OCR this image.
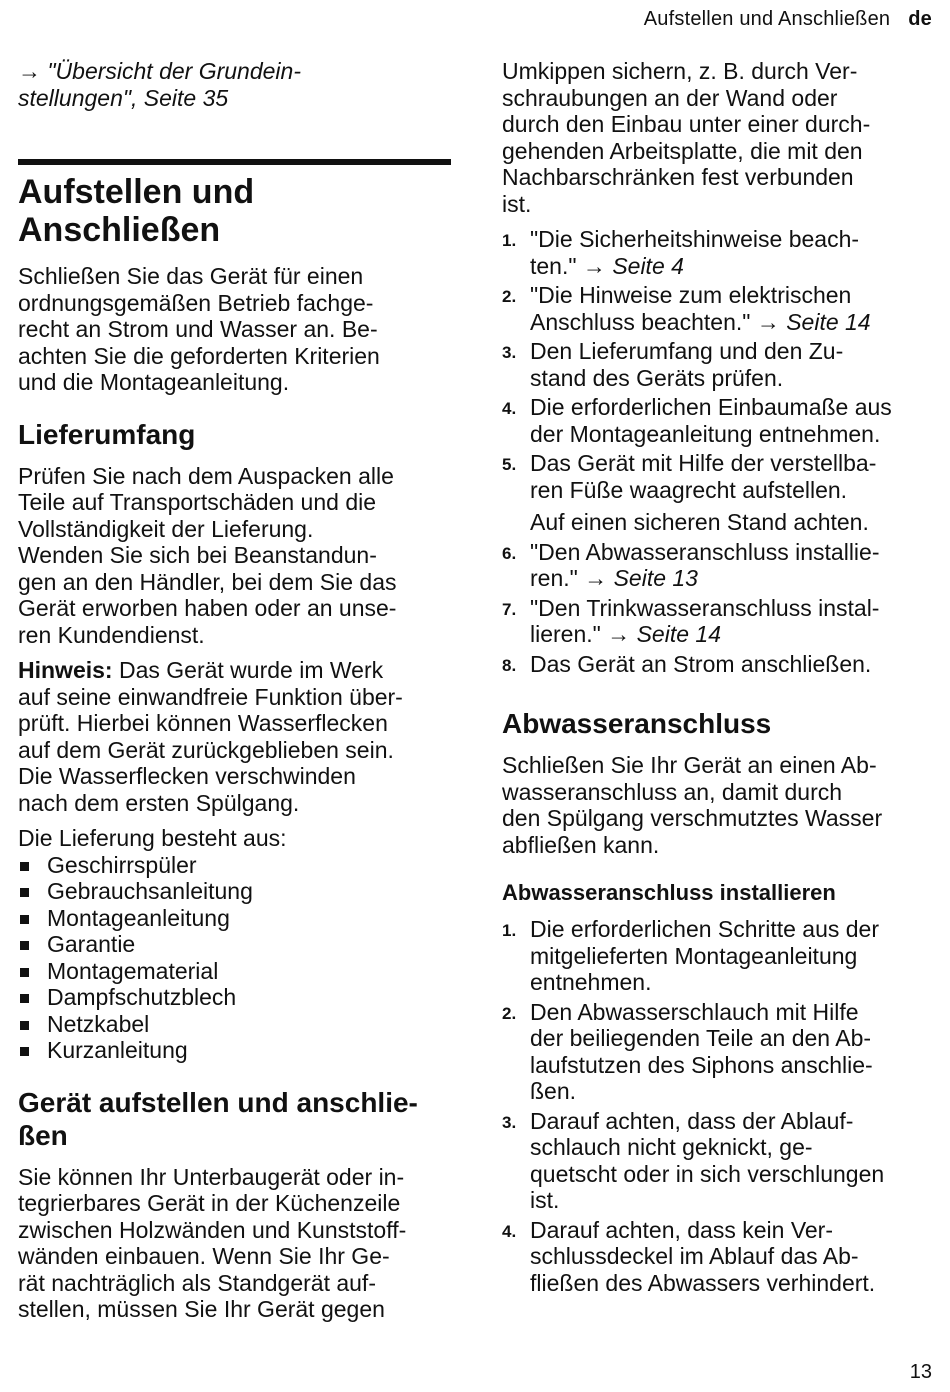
Aufstellen und Anschließen de

→ "Übersicht der Grundein-
stellungen", Seite 35

Aufstellen und
Anschließen

Schließen Sie das Gerät für einen
ordnungsgemäßen Betrieb fachge-
recht an Strom und Wasser an. Be-
achten Sie die geforderten Kriterien
und die Montageanleitung.

Lieferumfang

Prüfen Sie nach dem Auspacken alle
Teile auf Transportschäden und die
Vollständigkeit der Lieferung.
Wenden Sie sich bei Beanstandun-
gen an den Händler, bei dem Sie das
Gerät erworben haben oder an unse-
ren Kundendienst.

Hinweis: Das Gerät wurde im Werk
auf seine einwandfreie Funktion über-
prüft. Hierbei können Wasserflecken
auf dem Gerät zurückgeblieben sein.
Die Wasserflecken verschwinden
nach dem ersten Spülgang.

Die Lieferung besteht aus:

Geschirrspüler
Gebrauchsanleitung
Montageanleitung
Garantie
Montagematerial
Dampfschutzblech
Netzkabel
Kurzanleitung
Gerät aufstellen und anschlie-
ßen

Sie können Ihr Unterbaugerät oder in-
tegrierbares Gerät in der Küchenzeile
zwischen Holzwänden und Kunststoff-
wänden einbauen. Wenn Sie Ihr Ge-
rät nachträglich als Standgerät auf-
stellen, müssen Sie Ihr Gerät gegen

Umkippen sichern, z. B. durch Ver-
schraubungen an der Wand oder
durch den Einbau unter einer durch-
gehenden Arbeitsplatte, die mit den
Nachbarschränken fest verbunden
ist.

1. "Die Sicherheitshinweise beach-
ten." → Seite 4
2. "Die Hinweise zum elektrischen
Anschluss beachten." → Seite 14
3. Den Lieferumfang und den Zu-
stand des Geräts prüfen.
4. Die erforderlichen Einbaumaße aus
der Montageanleitung entnehmen.
5. Das Gerät mit Hilfe der verstellba-
ren Füße waagrecht aufstellen.

Auf einen sicheren Stand achten.

6. "Den Abwasseranschluss installie-
ren." → Seite 13
7. "Den Trinkwasseranschluss instal-
lieren." → Seite 14
8. Das Gerät an Strom anschließen.
Abwasseranschluss

Schließen Sie Ihr Gerät an einen Ab-
wasseranschluss an, damit durch
den Spülgang verschmutztes Wasser
abfließen kann.

Abwasseranschluss installieren
1. Die erforderlichen Schritte aus der
mitgelieferten Montageanleitung
entnehmen.
2. Den Abwasserschlauch mit Hilfe
der beiliegenden Teile an den Ab-
laufstutzen des Siphons anschlie-
ßen.
3. Darauf achten, dass der Ablauf-
schlauch nicht geknickt, ge-
quetscht oder in sich verschlungen
ist.
4. Darauf achten, dass kein Ver-
schlussdeckel im Ablauf das Ab-
fließen des Abwassers verhindert.
13
